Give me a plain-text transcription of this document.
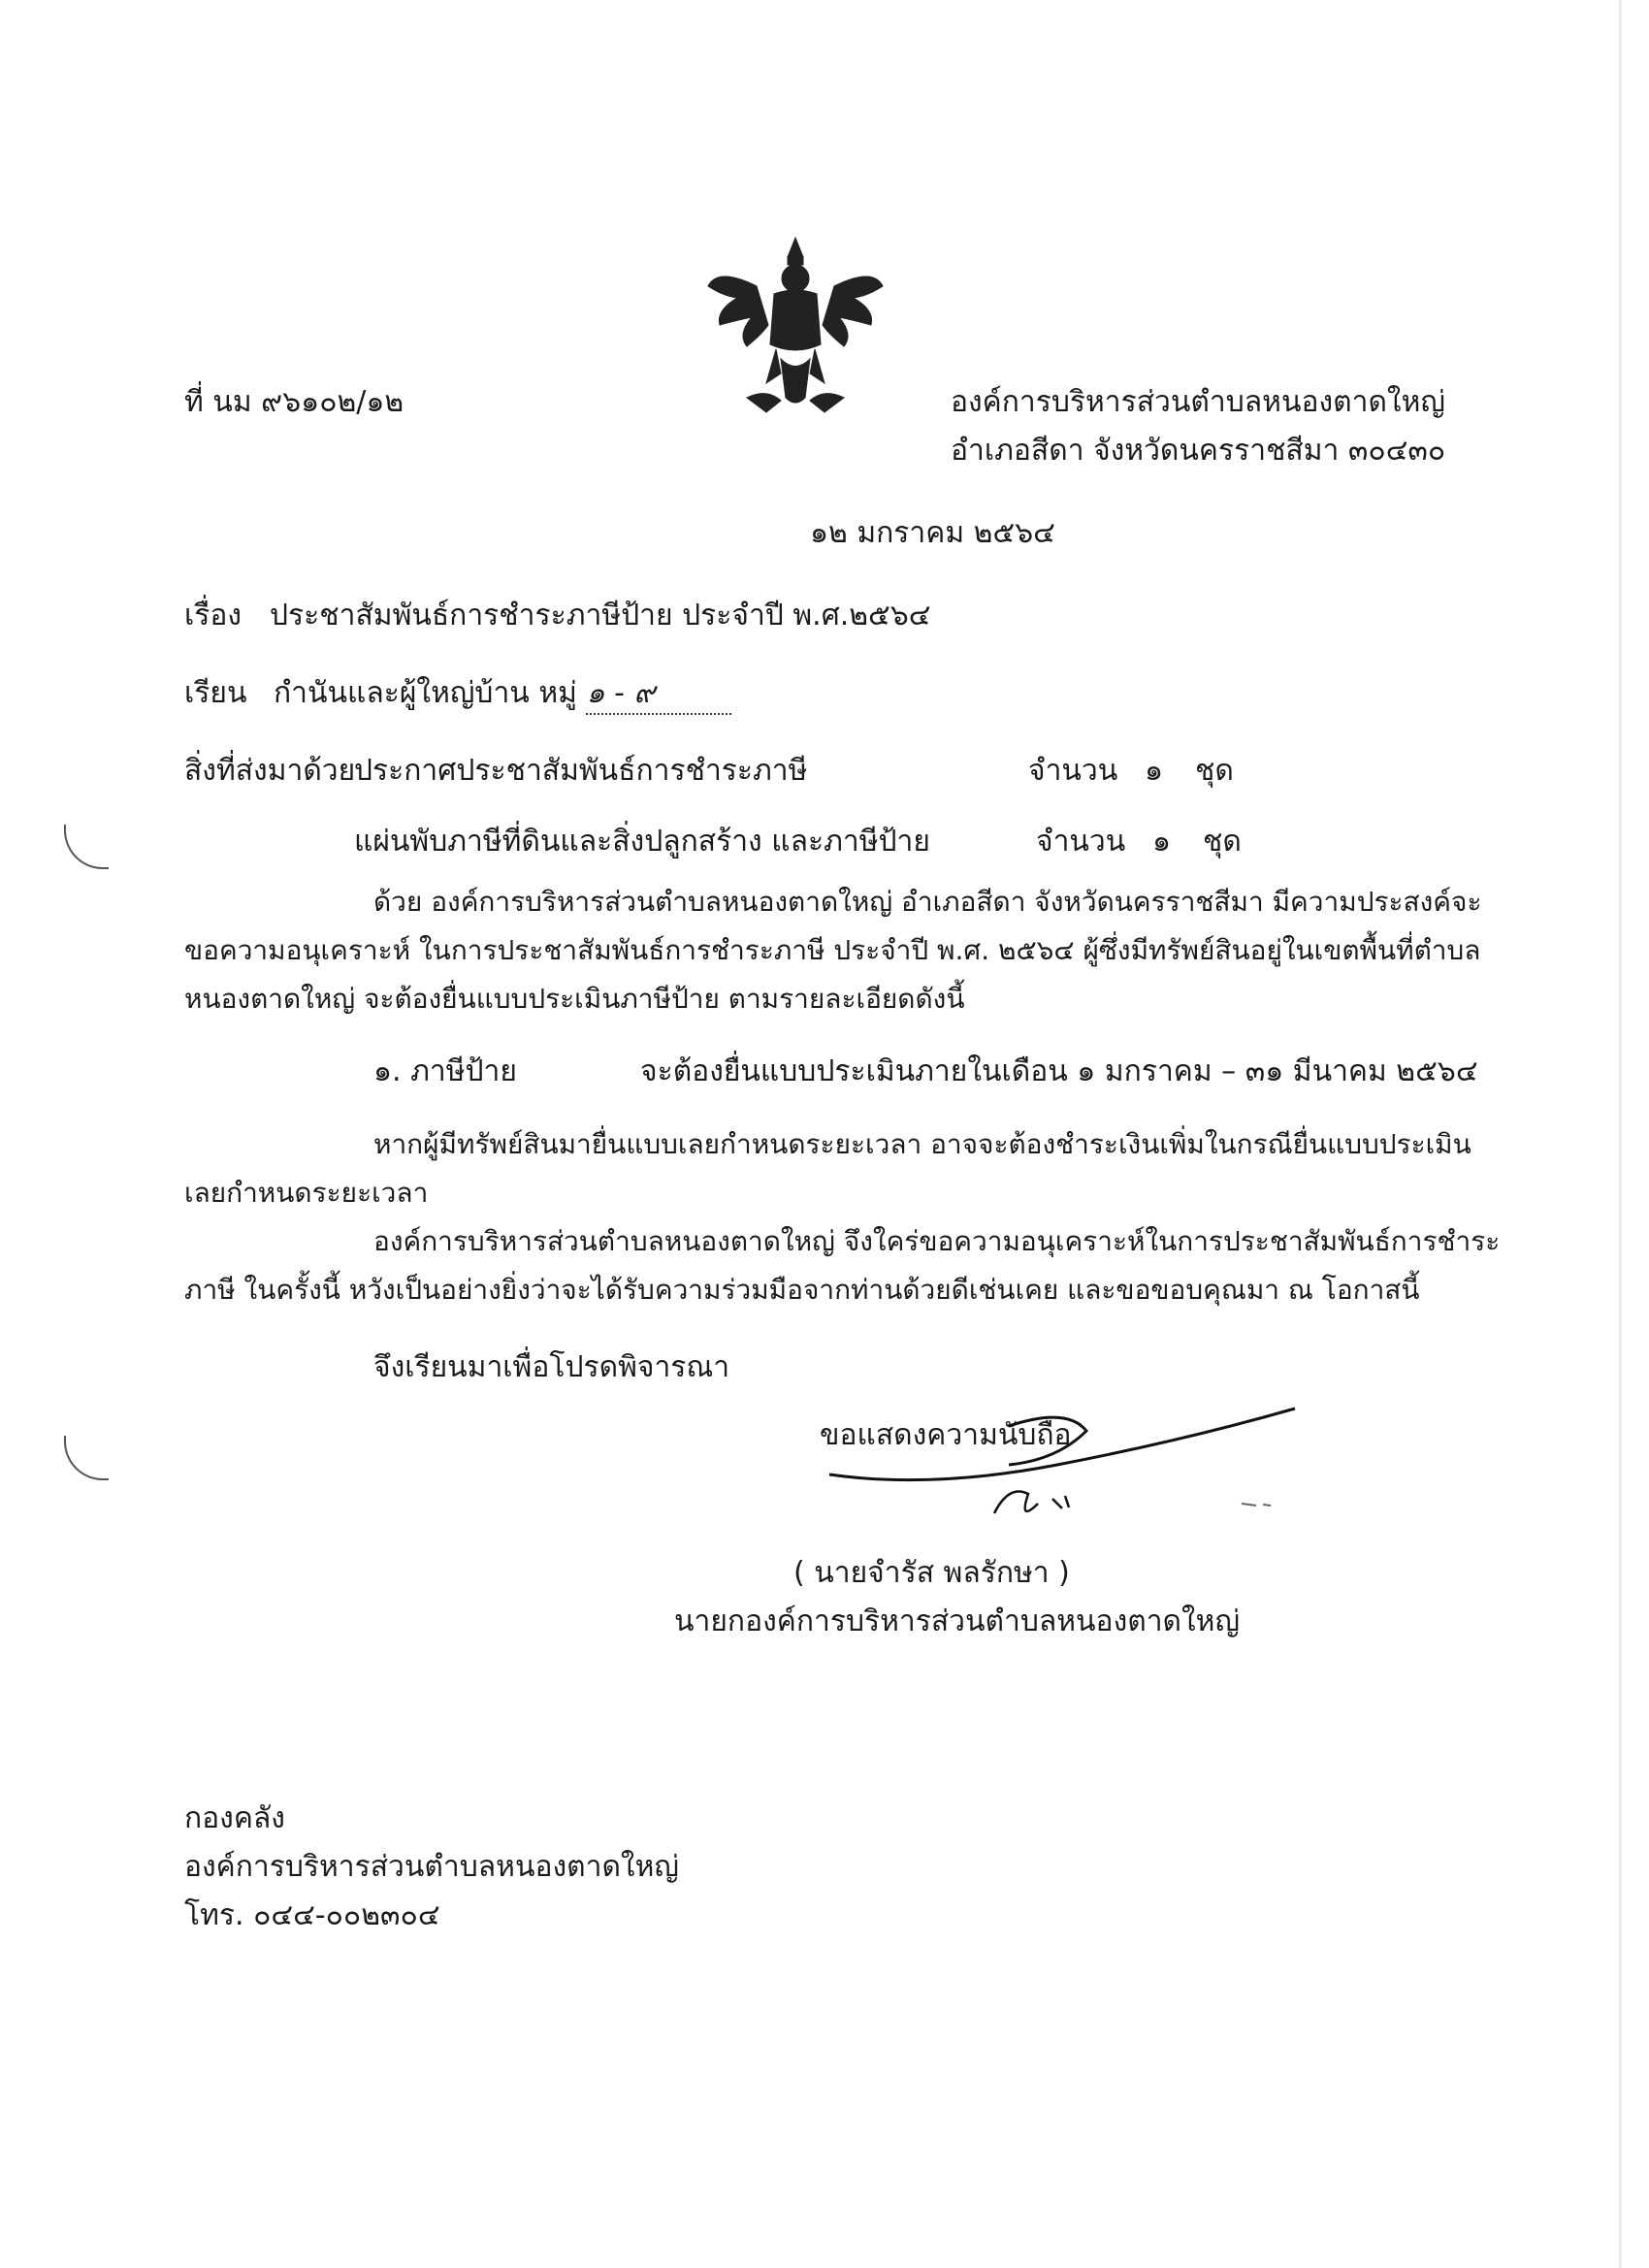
ที่ นม ๙๖๑๐๒/๑๒	องค์การบริหารส่วนตำบลหนองตาดใหญ่
อำเภอสีดา จังหวัดนครราชสีมา ๓๐๔๓๐
๑๒ มกราคม ๒๕๖๔
เรื่อง ประชาสัมพันธ์การชำระภาษีป้าย ประจำปี พ.ศ.๒๕๖๔
เรียน กำนันและผู้ใหญ่บ้าน หมู่ ๑ - ๙
สิ่งที่ส่งมาด้วย
ประกาศประชาสัมพันธ์การชำระภาษี	จำนวน ๑ ชุด
แผ่นพับภาษีที่ดินและสิ่งปลูกสร้าง และภาษีป้าย	จำนวน ๑ ชุด
ด้วย องค์การบริหารส่วนตำบลหนองตาดใหญ่ อำเภอสีดา จังหวัดนครราชสีมา มีความประสงค์จะ
ขอความอนุเคราะห์ ในการประชาสัมพันธ์การชำระภาษี ประจำปี พ.ศ. ๒๕๖๔ ผู้ซึ่งมีทรัพย์สินอยู่ในเขตพื้นที่ตำบล
หนองตาดใหญ่ จะต้องยื่นแบบประเมินภาษีป้าย ตามรายละเอียดดังนี้
๑. ภาษีป้าย	จะต้องยื่นแบบประเมินภายในเดือน ๑ มกราคม – ๓๑ มีนาคม ๒๕๖๔
หากผู้มีทรัพย์สินมายื่นแบบเลยกำหนดระยะเวลา อาจจะต้องชำระเงินเพิ่มในกรณียื่นแบบประเมิน
เลยกำหนดระยะเวลา
องค์การบริหารส่วนตำบลหนองตาดใหญ่ จึงใคร่ขอความอนุเคราะห์ในการประชาสัมพันธ์การชำระ
ภาษี ในครั้งนี้ หวังเป็นอย่างยิ่งว่าจะได้รับความร่วมมือจากท่านด้วยดีเช่นเคย และขอขอบคุณมา ณ โอกาสนี้
จึงเรียนมาเพื่อโปรดพิจารณา
ขอแสดงความนับถือ
( นายจำรัส พลรักษา )
นายกองค์การบริหารส่วนตำบลหนองตาดใหญ่
กองคลัง
องค์การบริหารส่วนตำบลหนองตาดใหญ่
โทร. ๐๔๔-๐๐๒๓๐๔
